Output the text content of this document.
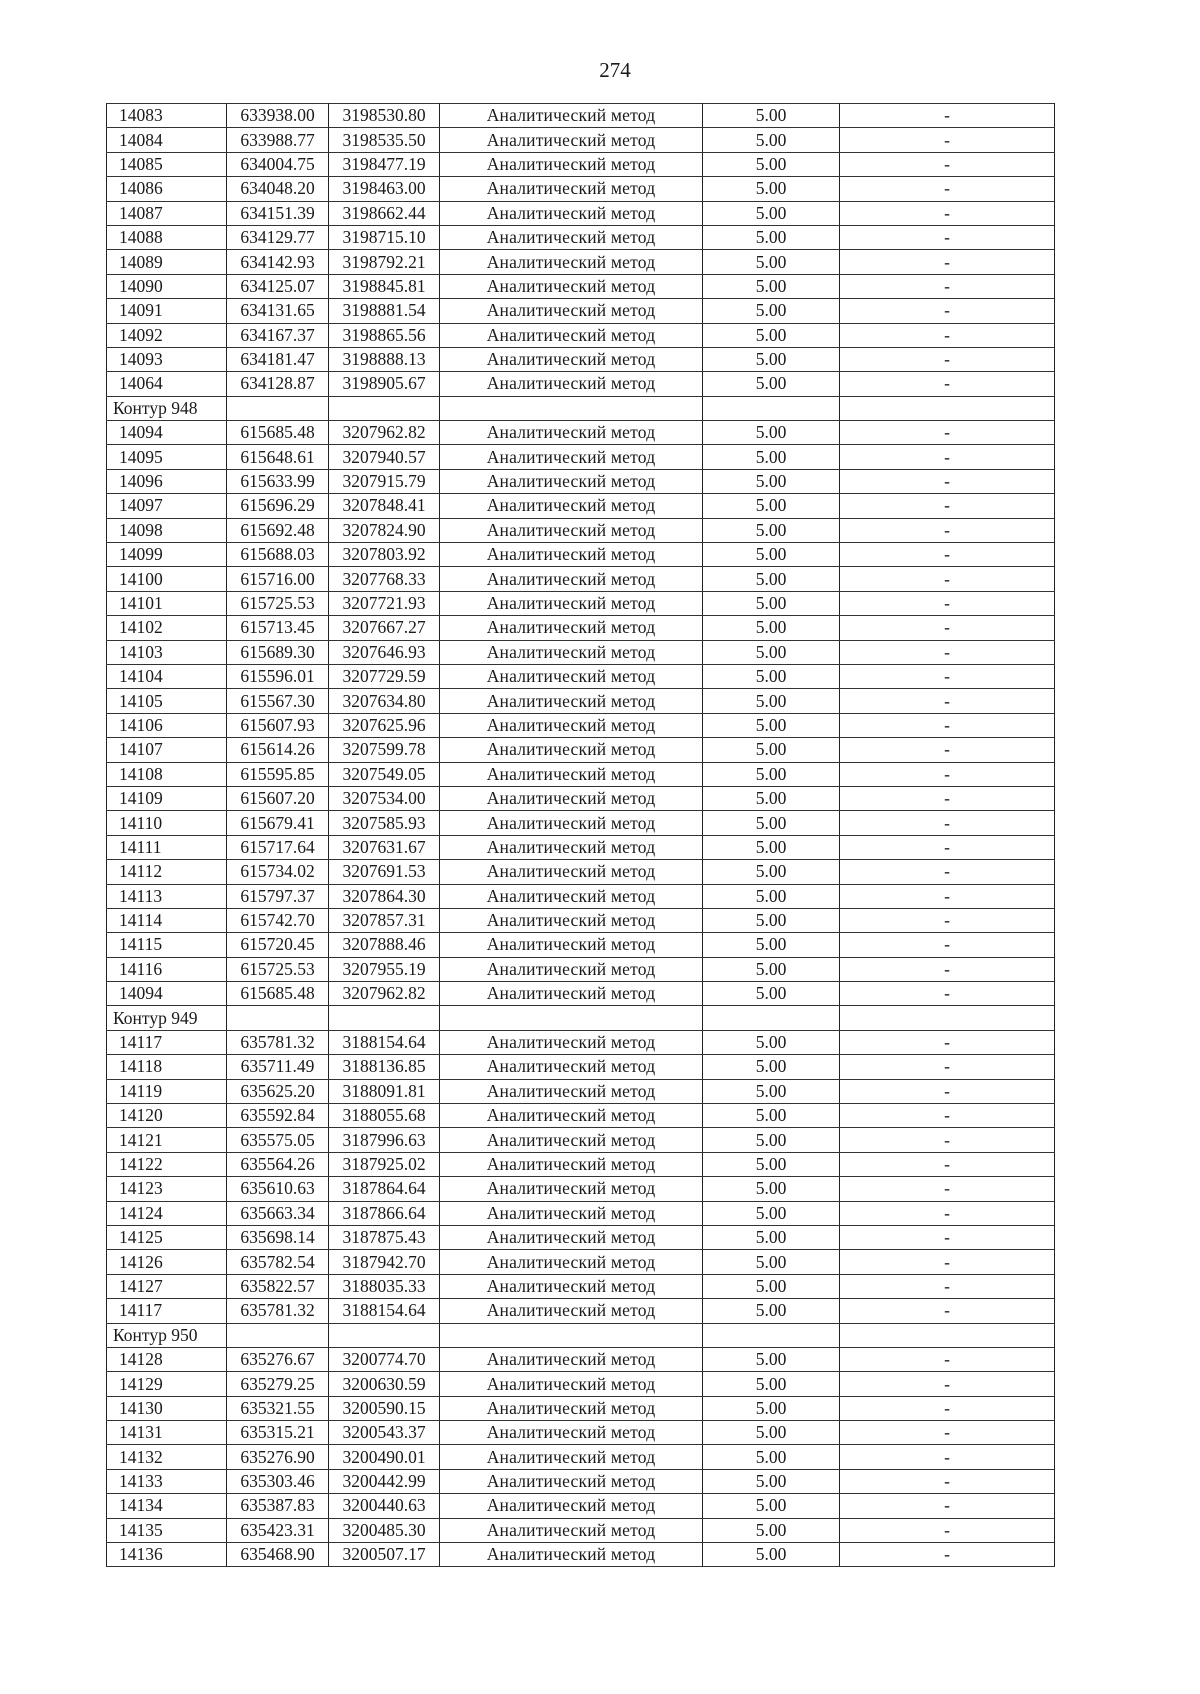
274
14083	633938.00	3198530.80	Аналитический метод	5.00	-
14084	633988.77	3198535.50	Аналитический метод	5.00	-
14085	634004.75	3198477.19	Аналитический метод	5.00	-
14086	634048.20	3198463.00	Аналитический метод	5.00	-
14087	634151.39	3198662.44	Аналитический метод	5.00	-
14088	634129.77	3198715.10	Аналитический метод	5.00	-
14089	634142.93	3198792.21	Аналитический метод	5.00	-
14090	634125.07	3198845.81	Аналитический метод	5.00	-
14091	634131.65	3198881.54	Аналитический метод	5.00	-
14092	634167.37	3198865.56	Аналитический метод	5.00	-
14093	634181.47	3198888.13	Аналитический метод	5.00	-
14064	634128.87	3198905.67	Аналитический метод	5.00	-
Контур 948					
14094	615685.48	3207962.82	Аналитический метод	5.00	-
14095	615648.61	3207940.57	Аналитический метод	5.00	-
14096	615633.99	3207915.79	Аналитический метод	5.00	-
14097	615696.29	3207848.41	Аналитический метод	5.00	-
14098	615692.48	3207824.90	Аналитический метод	5.00	-
14099	615688.03	3207803.92	Аналитический метод	5.00	-
14100	615716.00	3207768.33	Аналитический метод	5.00	-
14101	615725.53	3207721.93	Аналитический метод	5.00	-
14102	615713.45	3207667.27	Аналитический метод	5.00	-
14103	615689.30	3207646.93	Аналитический метод	5.00	-
14104	615596.01	3207729.59	Аналитический метод	5.00	-
14105	615567.30	3207634.80	Аналитический метод	5.00	-
14106	615607.93	3207625.96	Аналитический метод	5.00	-
14107	615614.26	3207599.78	Аналитический метод	5.00	-
14108	615595.85	3207549.05	Аналитический метод	5.00	-
14109	615607.20	3207534.00	Аналитический метод	5.00	-
14110	615679.41	3207585.93	Аналитический метод	5.00	-
14111	615717.64	3207631.67	Аналитический метод	5.00	-
14112	615734.02	3207691.53	Аналитический метод	5.00	-
14113	615797.37	3207864.30	Аналитический метод	5.00	-
14114	615742.70	3207857.31	Аналитический метод	5.00	-
14115	615720.45	3207888.46	Аналитический метод	5.00	-
14116	615725.53	3207955.19	Аналитический метод	5.00	-
14094	615685.48	3207962.82	Аналитический метод	5.00	-
Контур 949					
14117	635781.32	3188154.64	Аналитический метод	5.00	-
14118	635711.49	3188136.85	Аналитический метод	5.00	-
14119	635625.20	3188091.81	Аналитический метод	5.00	-
14120	635592.84	3188055.68	Аналитический метод	5.00	-
14121	635575.05	3187996.63	Аналитический метод	5.00	-
14122	635564.26	3187925.02	Аналитический метод	5.00	-
14123	635610.63	3187864.64	Аналитический метод	5.00	-
14124	635663.34	3187866.64	Аналитический метод	5.00	-
14125	635698.14	3187875.43	Аналитический метод	5.00	-
14126	635782.54	3187942.70	Аналитический метод	5.00	-
14127	635822.57	3188035.33	Аналитический метод	5.00	-
14117	635781.32	3188154.64	Аналитический метод	5.00	-
Контур 950					
14128	635276.67	3200774.70	Аналитический метод	5.00	-
14129	635279.25	3200630.59	Аналитический метод	5.00	-
14130	635321.55	3200590.15	Аналитический метод	5.00	-
14131	635315.21	3200543.37	Аналитический метод	5.00	-
14132	635276.90	3200490.01	Аналитический метод	5.00	-
14133	635303.46	3200442.99	Аналитический метод	5.00	-
14134	635387.83	3200440.63	Аналитический метод	5.00	-
14135	635423.31	3200485.30	Аналитический метод	5.00	-
14136	635468.90	3200507.17	Аналитический метод	5.00	-
